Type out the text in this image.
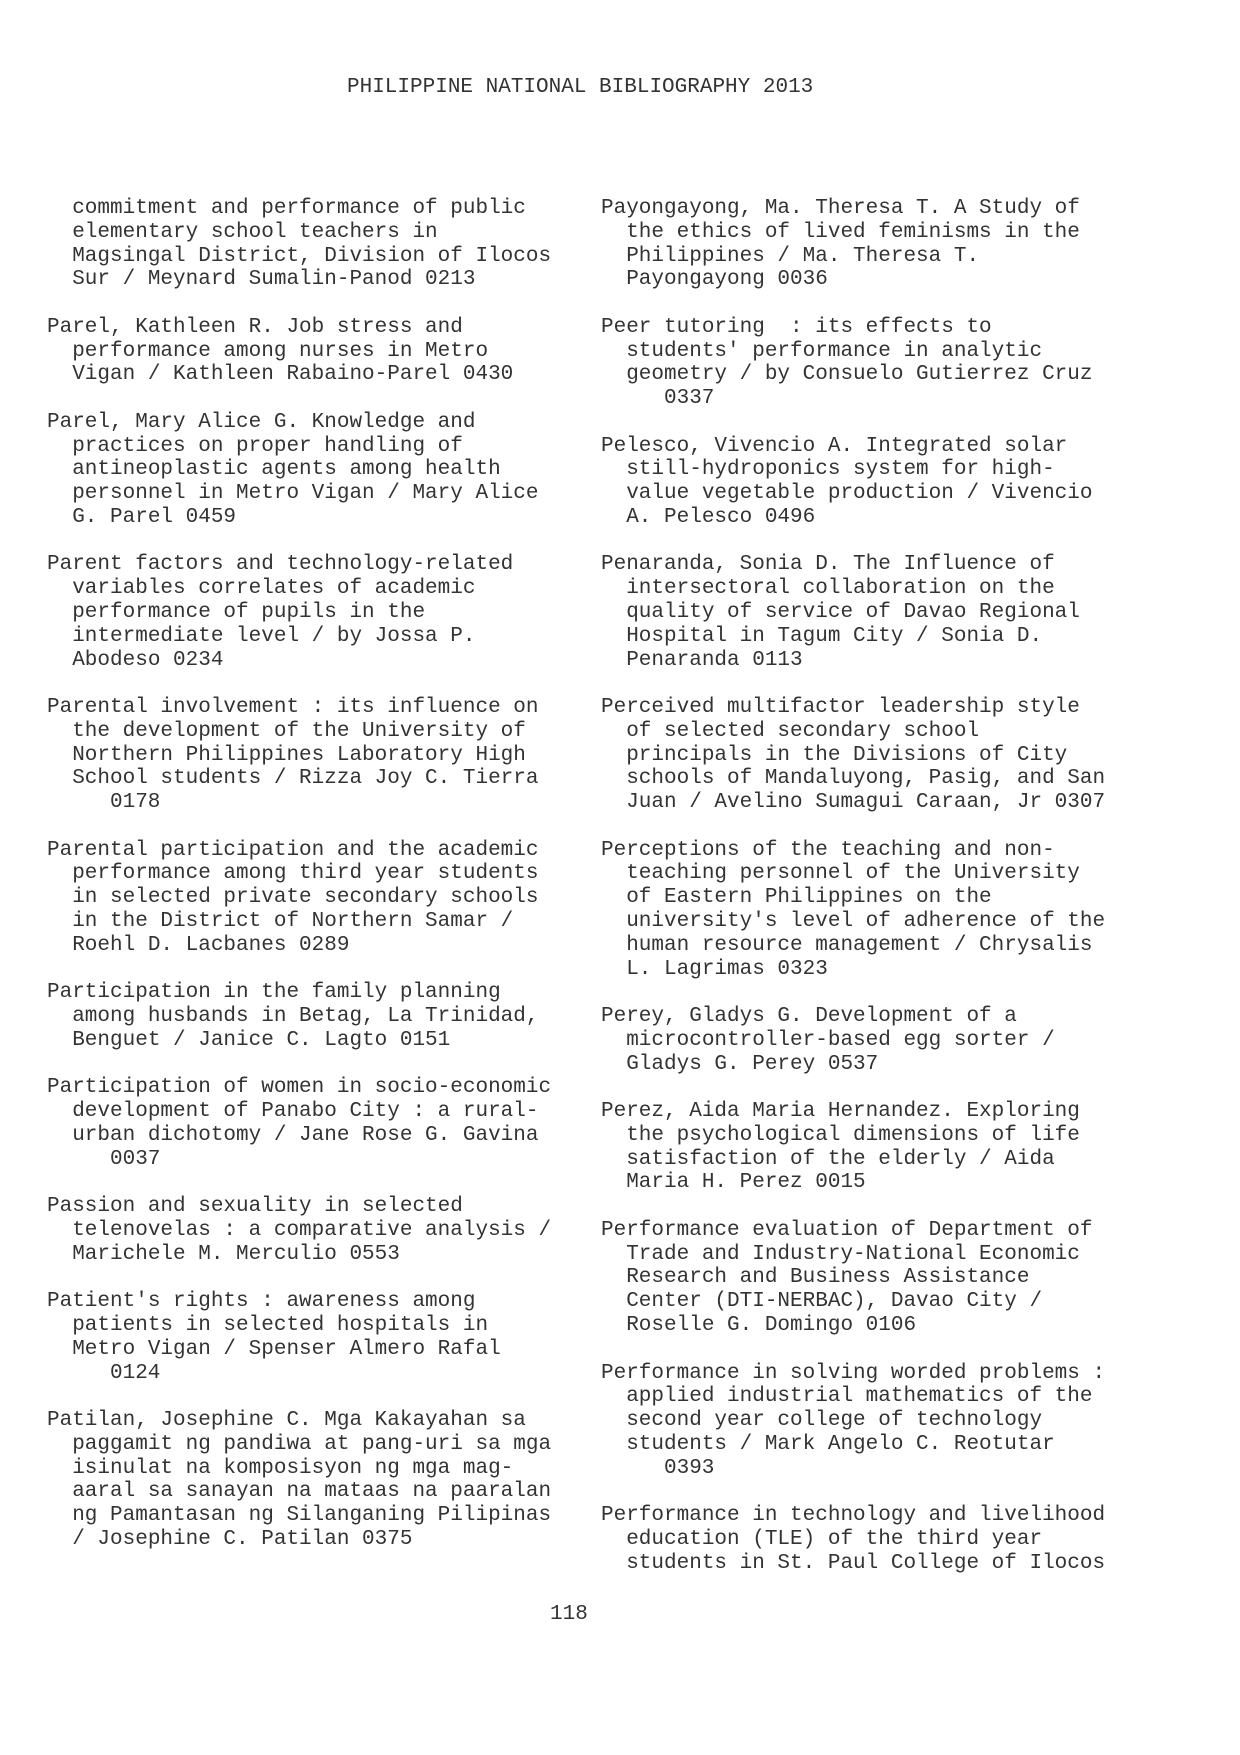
PHILIPPINE NATIONAL BIBLIOGRAPHY 2013
commitment and performance of public
elementary school teachers in
Magsingal District, Division of Ilocos
Sur / Meynard Sumalin-Panod 0213
Parel, Kathleen R. Job stress and
performance among nurses in Metro
Vigan / Kathleen Rabaino-Parel 0430
Parel, Mary Alice G. Knowledge and
practices on proper handling of
antineoplastic agents among health
personnel in Metro Vigan / Mary Alice
G. Parel 0459
Parent factors and technology-related
variables correlates of academic
performance of pupils in the
intermediate level / by Jossa P.
Abodeso 0234
Parental involvement : its influence on
the development of the University of
Northern Philippines Laboratory High
School students / Rizza Joy C. Tierra
0178
Parental participation and the academic
performance among third year students
in selected private secondary schools
in the District of Northern Samar /
Roehl D. Lacbanes 0289
Participation in the family planning
among husbands in Betag, La Trinidad,
Benguet / Janice C. Lagto 0151
Participation of women in socio-economic
development of Panabo City : a rural-
urban dichotomy / Jane Rose G. Gavina
0037
Passion and sexuality in selected
telenovelas : a comparative analysis /
Marichele M. Merculio 0553
Patient's rights : awareness among
patients in selected hospitals in
Metro Vigan / Spenser Almero Rafal
0124
Patilan, Josephine C. Mga Kakayahan sa
paggamit ng pandiwa at pang-uri sa mga
isinulat na komposisyon ng mga mag-
aaral sa sanayan na mataas na paaralan
ng Pamantasan ng Silanganing Pilipinas
/ Josephine C. Patilan 0375
Payongayong, Ma. Theresa T. A Study of
the ethics of lived feminisms in the
Philippines / Ma. Theresa T.
Payongayong 0036
Peer tutoring  : its effects to
students' performance in analytic
geometry / by Consuelo Gutierrez Cruz
0337
Pelesco, Vivencio A. Integrated solar
still-hydroponics system for high-
value vegetable production / Vivencio
A. Pelesco 0496
Penaranda, Sonia D. The Influence of
intersectoral collaboration on the
quality of service of Davao Regional
Hospital in Tagum City / Sonia D.
Penaranda 0113
Perceived multifactor leadership style
of selected secondary school
principals in the Divisions of City
schools of Mandaluyong, Pasig, and San
Juan / Avelino Sumagui Caraan, Jr 0307
Perceptions of the teaching and non-
teaching personnel of the University
of Eastern Philippines on the
university's level of adherence of the
human resource management / Chrysalis
L. Lagrimas 0323
Perey, Gladys G. Development of a
microcontroller-based egg sorter /
Gladys G. Perey 0537
Perez, Aida Maria Hernandez. Exploring
the psychological dimensions of life
satisfaction of the elderly / Aida
Maria H. Perez 0015
Performance evaluation of Department of
Trade and Industry-National Economic
Research and Business Assistance
Center (DTI-NERBAC), Davao City /
Roselle G. Domingo 0106
Performance in solving worded problems :
applied industrial mathematics of the
second year college of technology
students / Mark Angelo C. Reotutar
0393
Performance in technology and livelihood
education (TLE) of the third year
students in St. Paul College of Ilocos
118
